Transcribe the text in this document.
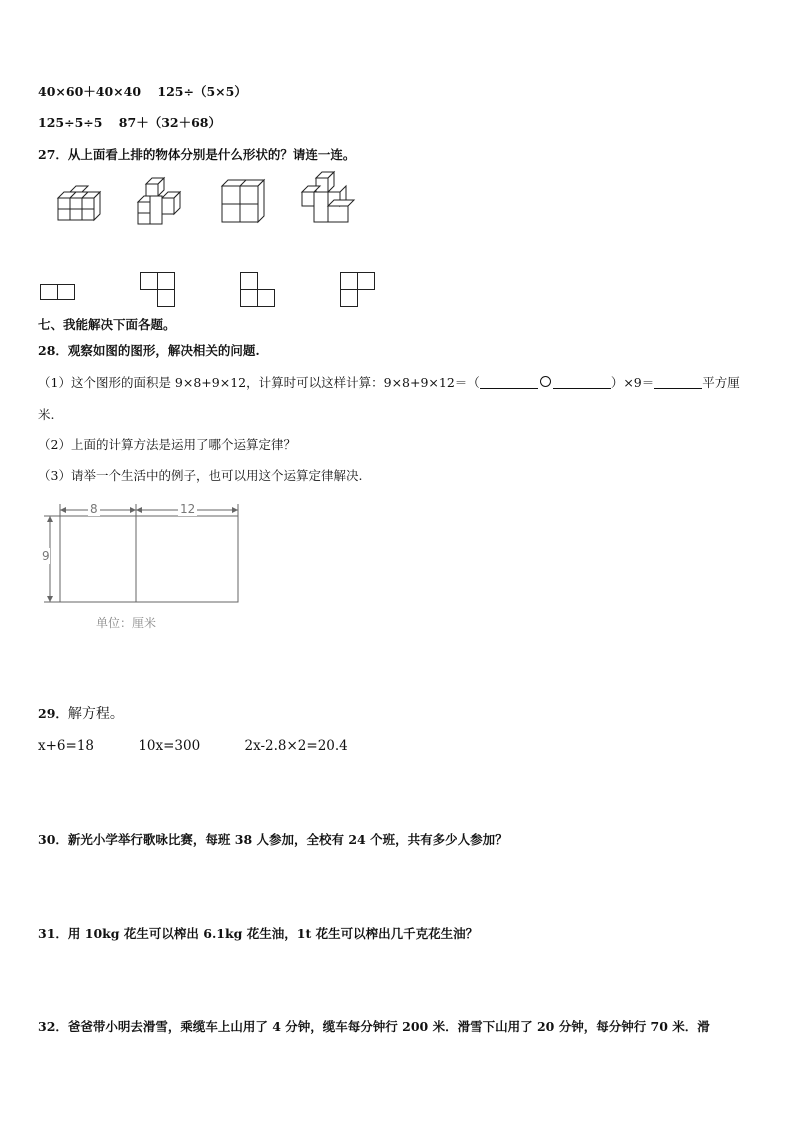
40×60＋40×40 125÷（5×5）
125÷5÷5 87＋（32＋68）
27．从上面看上排的物体分别是什么形状的？请连一连。
七、我能解决下面各题。
28．观察如图的图形，解决相关的问题.
（1）这个图形的面积是 9×8+9×12，计算时可以这样计算：9×8+9×12＝（	）×9＝	平方厘
米.
（2）上面的计算方法是运用了哪个运算定律？
（3）请举一个生活中的例子，也可以用这个运算定律解决.
8	12
9
单位：厘米
29．解方程。
x+6=18	10x=300	2x-2.8×2=20.4
30．新光小学举行歌咏比赛，每班 38 人参加，全校有 24 个班，共有多少人参加？
31．用 10kg 花生可以榨出 6.1kg 花生油，1t 花生可以榨出几千克花生油？
32．爸爸带小明去滑雪，乘缆车上山用了 4 分钟，缆车每分钟行 200 米．滑雪下山用了 20 分钟，每分钟行 70 米．滑
